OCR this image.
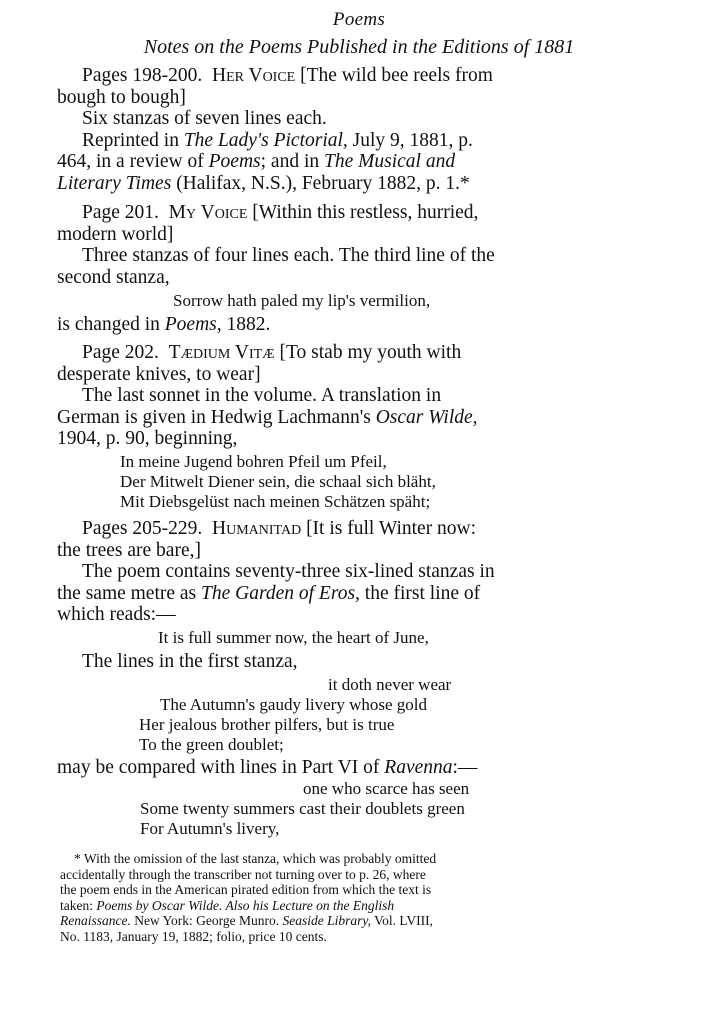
Poems
Notes on the Poems Published in the Editions of 1881

Pages 198-200. Her Voice [The wild bee reels from
bough to bough]

Six stanzas of seven lines each.

Reprinted in The Lady's Pictorial, July 9, 1881, p.
464, in a review of Poems; and in The Musical and
Literary Times (Halifax, N.S.), February 1882, p. 1.*

Page 201. My Voice [Within this restless, hurried,
modern world]

Three stanzas of four lines each. The third line of the
second stanza,

Sorrow hath paled my lip's vermilion,

is changed in Poems, 1882.

Page 202. Tædium Vitæ [To stab my youth with
desperate knives, to wear]

The last sonnet in the volume. A translation in
German is given in Hedwig Lachmann's Oscar Wilde,
1904, p. 90, beginning,

In meine Jugend bohren Pfeil um Pfeil,
Der Mitwelt Diener sein, die schaal sich bläht,
Mit Diebsgelüst nach meinen Schätzen späht;

Pages 205-229. Humanitad [It is full Winter now:
the trees are bare,]

The poem contains seventy-three six-lined stanzas in
the same metre as The Garden of Eros, the first line of
which reads:—

It is full summer now, the heart of June,
The lines in the first stanza,
it doth never wear
The Autumn's gaudy livery whose gold
Her jealous brother pilfers, but is true
To the green doublet;

may be compared with lines in Part VI of Ravenna:—

one who scarce has seen
Some twenty summers cast their doublets green
For Autumn's livery,
* With the omission of the last stanza, which was probably omitted
accidentally through the transcriber not turning over to p. 26, where
the poem ends in the American pirated edition from which the text is
taken: Poems by Oscar Wilde. Also his Lecture on the English
Renaissance. New York: George Munro. Seaside Library, Vol. LVIII,
No. 1183, January 19, 1882; folio, price 10 cents.
